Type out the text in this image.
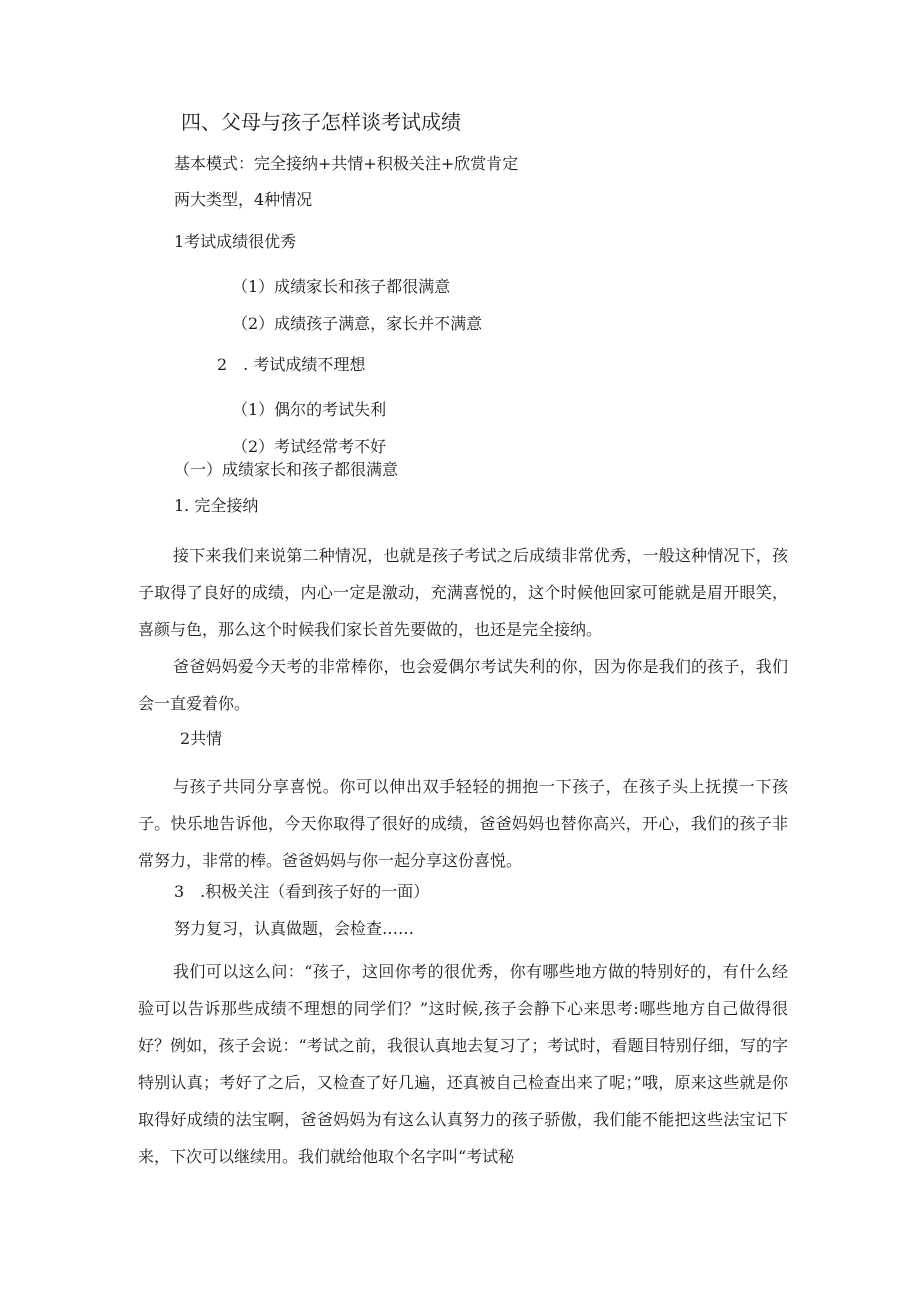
四、父母与孩子怎样谈考试成绩
基本模式：完全接纳+共情+积极关注+欣赏肯定
两大类型，4种情况
1考试成绩很优秀
（1）成绩家长和孩子都很满意
（2）成绩孩子满意，家长并不满意
2　. 考试成绩不理想
（1）偶尔的考试失利
（2）考试经常考不好
（一）成绩家长和孩子都很满意
1. 完全接纳
接下来我们来说第二种情况，也就是孩子考试之后成绩非常优秀，一般这种情况下，孩子取得了良好的成绩，内心一定是激动，充满喜悦的，这个时候他回家可能就是眉开眼笑，喜颜与色，那么这个时候我们家长首先要做的，也还是完全接纳。
爸爸妈妈爱今天考的非常棒你，也会爱偶尔考试失利的你，因为你是我们的孩子，我们会一直爱着你。
2共情
与孩子共同分享喜悦。你可以伸出双手轻轻的拥抱一下孩子，在孩子头上抚摸一下孩子。快乐地告诉他，今天你取得了很好的成绩，爸爸妈妈也替你高兴，开心，我们的孩子非常努力，非常的棒。爸爸妈妈与你一起分享这份喜悦。
3　.积极关注（看到孩子好的一面）
努力复习，认真做题，会检查……
我们可以这么问：“孩子，这回你考的很优秀，你有哪些地方做的特别好的，有什么经验可以告诉那些成绩不理想的同学们？”这时候,孩子会静下心来思考:哪些地方自己做得很好？例如，孩子会说：“考试之前，我很认真地去复习了；考试时，看题目特别仔细，写的字特别认真；考好了之后，又检查了好几遍，还真被自己检查出来了呢；”哦，原来这些就是你取得好成绩的法宝啊，爸爸妈妈为有这么认真努力的孩子骄傲，我们能不能把这些法宝记下来，下次可以继续用。我们就给他取个名字叫“考试秘
